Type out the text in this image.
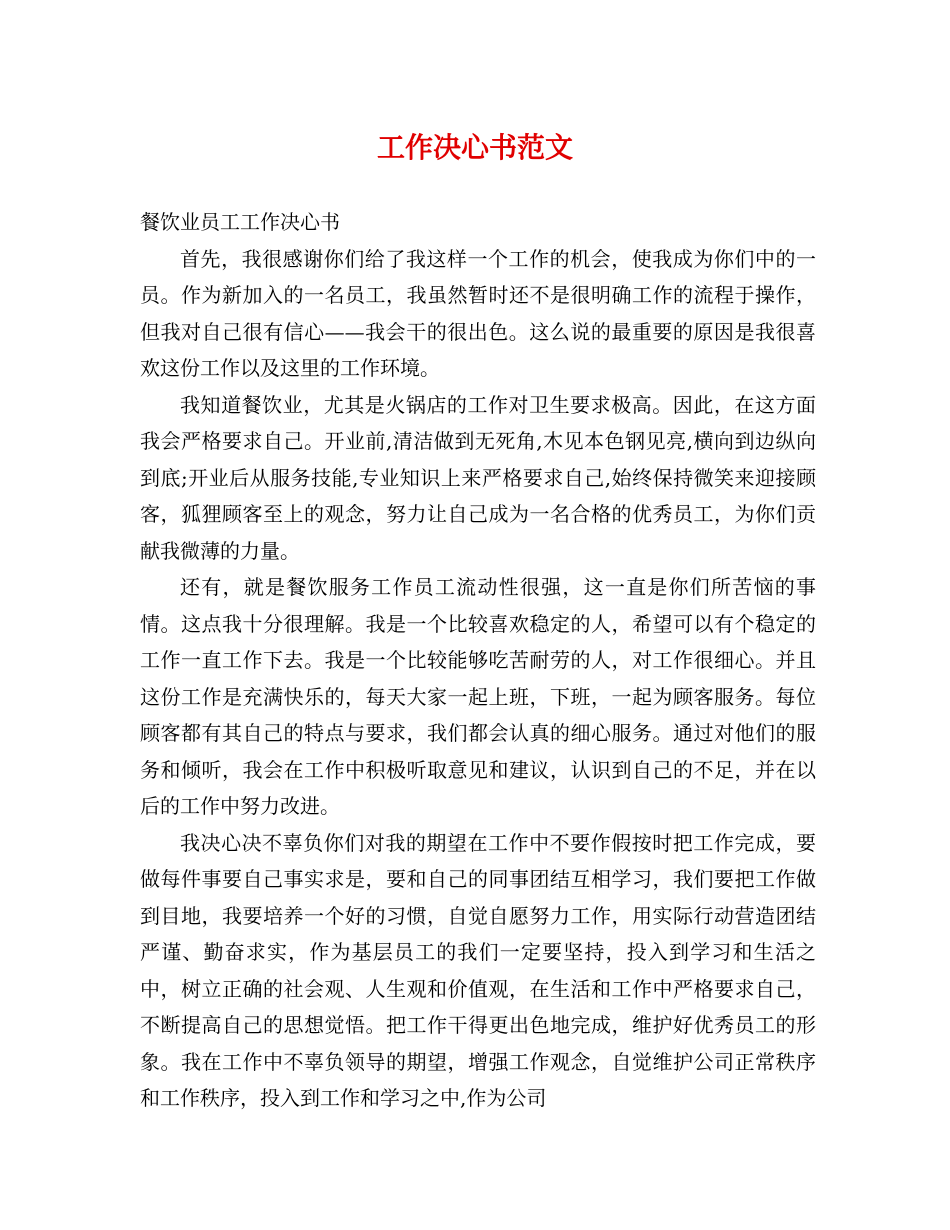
工作决心书范文

餐饮业员工工作决心书

首先，我很感谢你们给了我这样一个工作的机会，使我成为你们中的一员。作为新加入的一名员工，我虽然暂时还不是很明确工作的流程于操作，但我对自己很有信心——我会干的很出色。这么说的最重要的原因是我很喜欢这份工作以及这里的工作环境。

我知道餐饮业，尤其是火锅店的工作对卫生要求极高。因此，在这方面我会严格要求自己。开业前,清洁做到无死角,木见本色钢见亮,横向到边纵向到底;开业后从服务技能,专业知识上来严格要求自己,始终保持微笑来迎接顾客，狐狸顾客至上的观念，努力让自己成为一名合格的优秀员工，为你们贡献我微薄的力量。

还有，就是餐饮服务工作员工流动性很强，这一直是你们所苦恼的事情。这点我十分很理解。我是一个比较喜欢稳定的人，希望可以有个稳定的工作一直工作下去。我是一个比较能够吃苦耐劳的人，对工作很细心。并且这份工作是充满快乐的，每天大家一起上班，下班，一起为顾客服务。每位顾客都有其自己的特点与要求，我们都会认真的细心服务。通过对他们的服务和倾听，我会在工作中积极听取意见和建议，认识到自己的不足，并在以后的工作中努力改进。

我决心决不辜负你们对我的期望在工作中不要作假按时把工作完成，要做每件事要自己事实求是，要和自己的同事团结互相学习，我们要把工作做到目地，我要培养一个好的习惯，自觉自愿努力工作，用实际行动营造团结严谨、勤奋求实，作为基层员工的我们一定要坚持，投入到学习和生活之中，树立正确的社会观、人生观和价值观，在生活和工作中严格要求自己，不断提高自己的思想觉悟。把工作干得更出色地完成，维护好优秀员工的形象。我在工作中不辜负领导的期望，增强工作观念，自觉维护公司正常秩序和工作秩序，投入到工作和学习之中,作为公司
